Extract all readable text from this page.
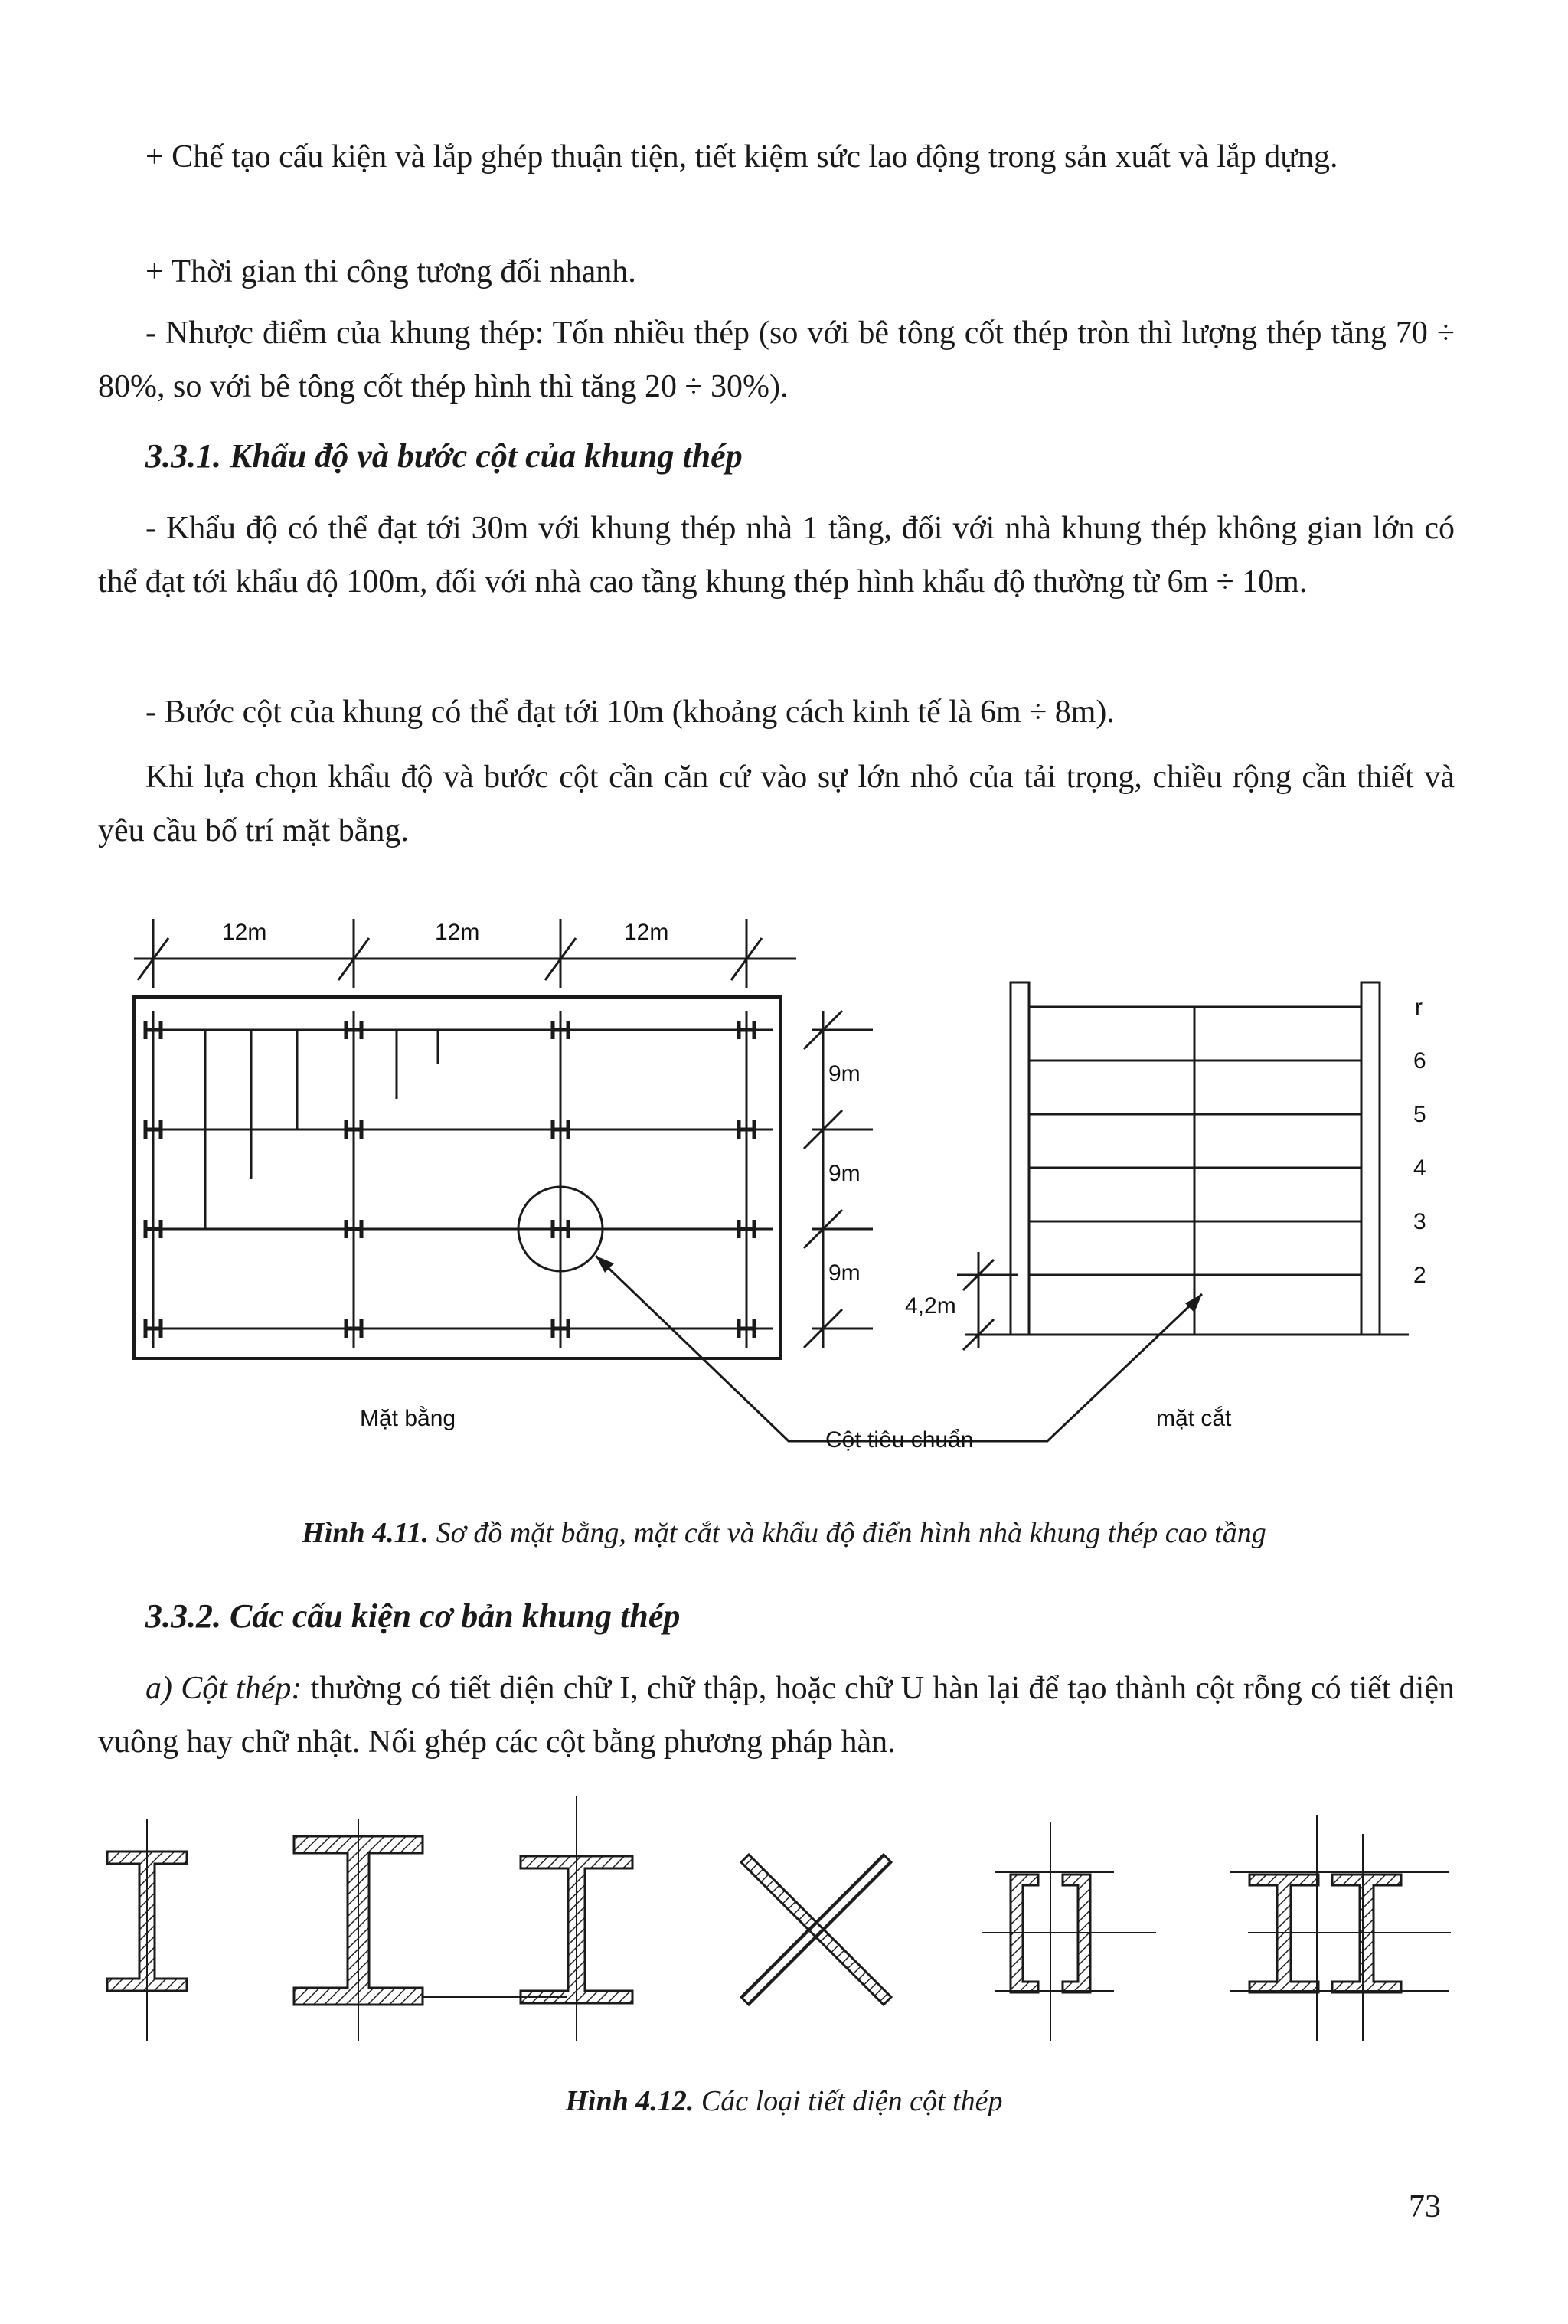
+ Chế tạo cấu kiện và lắp ghép thuận tiện, tiết kiệm sức lao động trong sản xuất và lắp dựng.
+ Thời gian thi công tương đối nhanh.
- Nhược điểm của khung thép: Tốn nhiều thép (so với bê tông cốt thép tròn thì lượng thép tăng 70 ÷ 80%, so với bê tông cốt thép hình thì tăng 20 ÷ 30%).
3.3.1. Khẩu độ và bước cột của khung thép
- Khẩu độ có thể đạt tới 30m với khung thép nhà 1 tầng, đối với nhà khung thép không gian lớn có thể đạt tới khẩu độ 100m, đối với nhà cao tầng khung thép hình khẩu độ thường từ 6m ÷ 10m.
- Bước cột của khung có thể đạt tới 10m (khoảng cách kinh tế là 6m ÷ 8m).
Khi lựa chọn khẩu độ và bước cột cần căn cứ vào sự lớn nhỏ của tải trọng, chiều rộng cần thiết và yêu cầu bố trí mặt bằng.
12m	12m	12m
9m
9m
9m
4,2m
r
6
5
4
3
2
Mặt bằng
Cột tiêu chuẩn
mặt cắt
Hình 4.11. Sơ đồ mặt bằng, mặt cắt và khẩu độ điển hình nhà khung thép cao tầng
3.3.2. Các cấu kiện cơ bản khung thép
a) Cột thép: thường có tiết diện chữ I, chữ thập, hoặc chữ U hàn lại để tạo thành cột rỗng có tiết diện vuông hay chữ nhật. Nối ghép các cột bằng phương pháp hàn.
Hình 4.12. Các loại tiết diện cột thép
73
